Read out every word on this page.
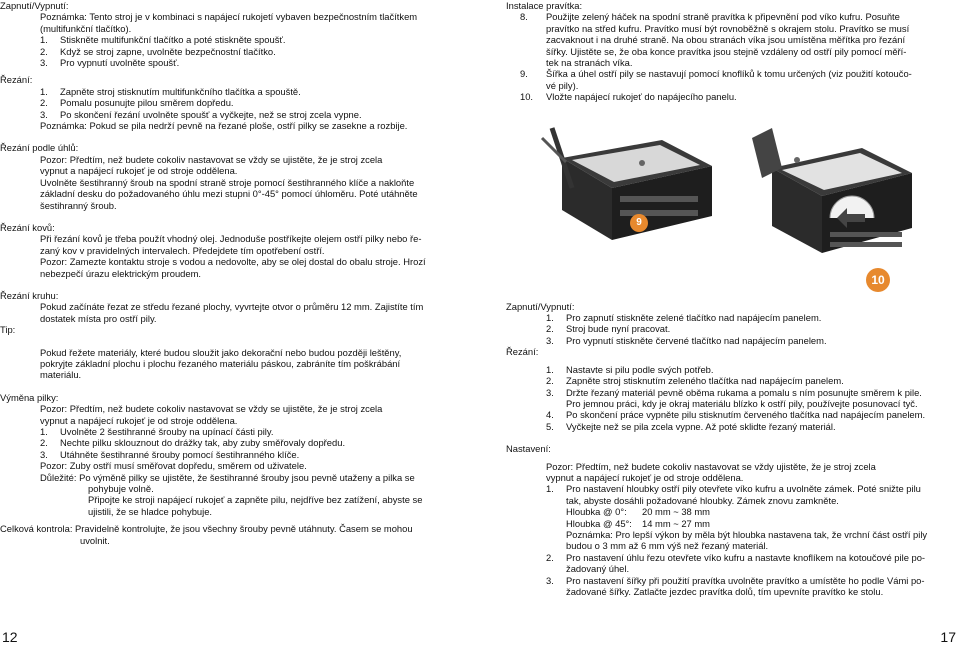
Zapnutí/Vypnutí:

Poznámka: Tento stroj je v kombinaci s napájecí rukojetí vybaven bezpečnostním tlačítkem

(multifunkční tlačítko).

1. Stiskněte multifunkční tlačítko a poté stiskněte spoušť.

2. Když se stroj zapne, uvolněte bezpečnostní tlačítko.

3. Pro vypnutí uvolněte spoušť.

Řezání:

1. Zapněte stroj stisknutím multifunkčního tlačítka a spouště.

2. Pomalu posunujte pilou směrem dopředu.

3. Po skončení řezání uvolněte spoušť a vyčkejte, než se stroj zcela vypne.

Poznámka: Pokud se pila nedrží pevně na řezané ploše, ostří pilky se zasekne a rozbije.

Řezání podle úhlů:

Pozor: Předtím, než budete cokoliv nastavovat se vždy se ujistěte, že je stroj zcela

vypnut a napájecí rukojeť je od stroje oddělena.

Uvolněte šestihranný šroub na spodní straně stroje pomocí šestihranného klíče a nakloňte

základní desku do požadovaného úhlu mezi stupni 0°-45° pomocí úhloměru. Poté utáhněte

šestihranný šroub.

Řezání kovů:

Při řezání kovů je třeba použít vhodný olej. Jednoduše postříkejte olejem ostří pilky nebo ře-

zaný kov v pravidelných intervalech. Předejdete tím opotřebení ostří.

Pozor: Zamezte kontaktu stroje s vodou a nedovolte, aby se olej dostal do obalu stroje. Hrozí

nebezpečí úrazu elektrickým proudem.

Řezání kruhu:

Pokud začínáte řezat ze středu řezané plochy, vyvrtejte otvor o průměru 12 mm. Zajistíte tím

dostatek místa pro ostří pily.

Tip:

Pokud řežete materiály, které budou sloužit jako dekorační nebo budou později leštěny,

pokryjte základní plochu i plochu řezaného materiálu páskou, zabráníte tím poškrábání

materiálu.

Výměna pilky:

Pozor: Předtím, než budete cokoliv nastavovat se vždy se ujistěte, že je stroj zcela

vypnut a napájecí rukojeť je od stroje oddělena.

1. Uvolněte 2 šestihranné šrouby na upínací části pily.

2. Nechte pilku sklouznout do drážky tak, aby zuby směřovaly dopředu.

3. Utáhněte šestihranné šrouby pomocí šestihranného klíče.

Pozor: Zuby ostří musí směřovat dopředu, směrem od uživatele.

Důležité: Po výměně pilky se ujistěte, že šestihranné šrouby jsou pevně utaženy a pilka se

pohybuje volně.

Připojte ke stroji napájecí rukojeť a zapněte pilu, nejdříve bez zatížení, abyste se

ujistili, že se hladce pohybuje.

Celková kontrola: Pravidelně kontrolujte, že jsou všechny šrouby pevně utáhnuty. Časem se mohou

uvolnit.

12

Instalace pravítka:

8. Použijte zelený háček na spodní straně pravítka k připevnění pod víko kufru. Posuňte

pravítko na střed kufru. Pravítko musí být rovnoběžně s okrajem stolu. Pravítko se musí

zacvaknout i na druhé straně. Na obou stranách víka jsou umístěna měřítka pro řezání

šířky. Ujistěte se, že oba konce pravítka jsou stejně vzdáleny od ostří pily pomocí měří-

tek na stranách víka.

9. Šířka a úhel ostří pily se nastavují pomocí knoflíků k tomu určených (viz použití kotoučo-

vé pily).

10. Vložte napájecí rukojeť do napájecího panelu.

Zapnutí/Vypnutí:

1. Pro zapnutí stiskněte zelené tlačítko nad napájecím panelem.

2. Stroj bude nyní pracovat.

3. Pro vypnutí stiskněte červené tlačítko nad napájecím panelem.

Řezání:

1. Nastavte si pilu podle svých potřeb.

2. Zapněte stroj stisknutím zeleného tlačítka nad napájecím panelem.

3. Držte řezaný materiál pevně oběma rukama a pomalu s ním posunujte směrem k pile.

Pro jemnou práci, kdy je okraj materiálu blízko k ostří pily, používejte posunovací tyč.

4. Po skončení práce vypněte pilu stisknutím červeného tlačítka nad napájecím panelem.

5. Vyčkejte než se pila zcela vypne. Až poté sklidte řezaný materiál.

Nastavení:

Pozor: Předtím, než budete cokoliv nastavovat se vždy ujistěte, že je stroj zcela

vypnut a napájecí rukojeť je od stroje oddělena.

1. Pro nastavení hloubky ostří pily otevřete víko kufru a uvolněte zámek. Poté snižte pilu

tak, abyste dosáhli požadované hloubky. Zámek znovu zamkněte.

Hloubka @ 0°: 20 mm ~ 38 mm

Hloubka @ 45°: 14 mm ~ 27 mm

Poznámka: Pro lepší výkon by měla být hloubka nastavena tak, že vrchní část ostří pily

budou o 3 mm až 6 mm výš než řezaný materiál.

2. Pro nastavení úhlu řezu otevřete víko kufru a nastavte knoflíkem na kotoučové pile po-

žadovaný úhel.

3. Pro nastavení šířky při použití pravítka uvolněte pravítko a umístěte ho podle Vámi po-

žadované šířky. Zatlačte jezdec pravítka dolů, tím upevníte pravítko ke stolu.

17
9
10
